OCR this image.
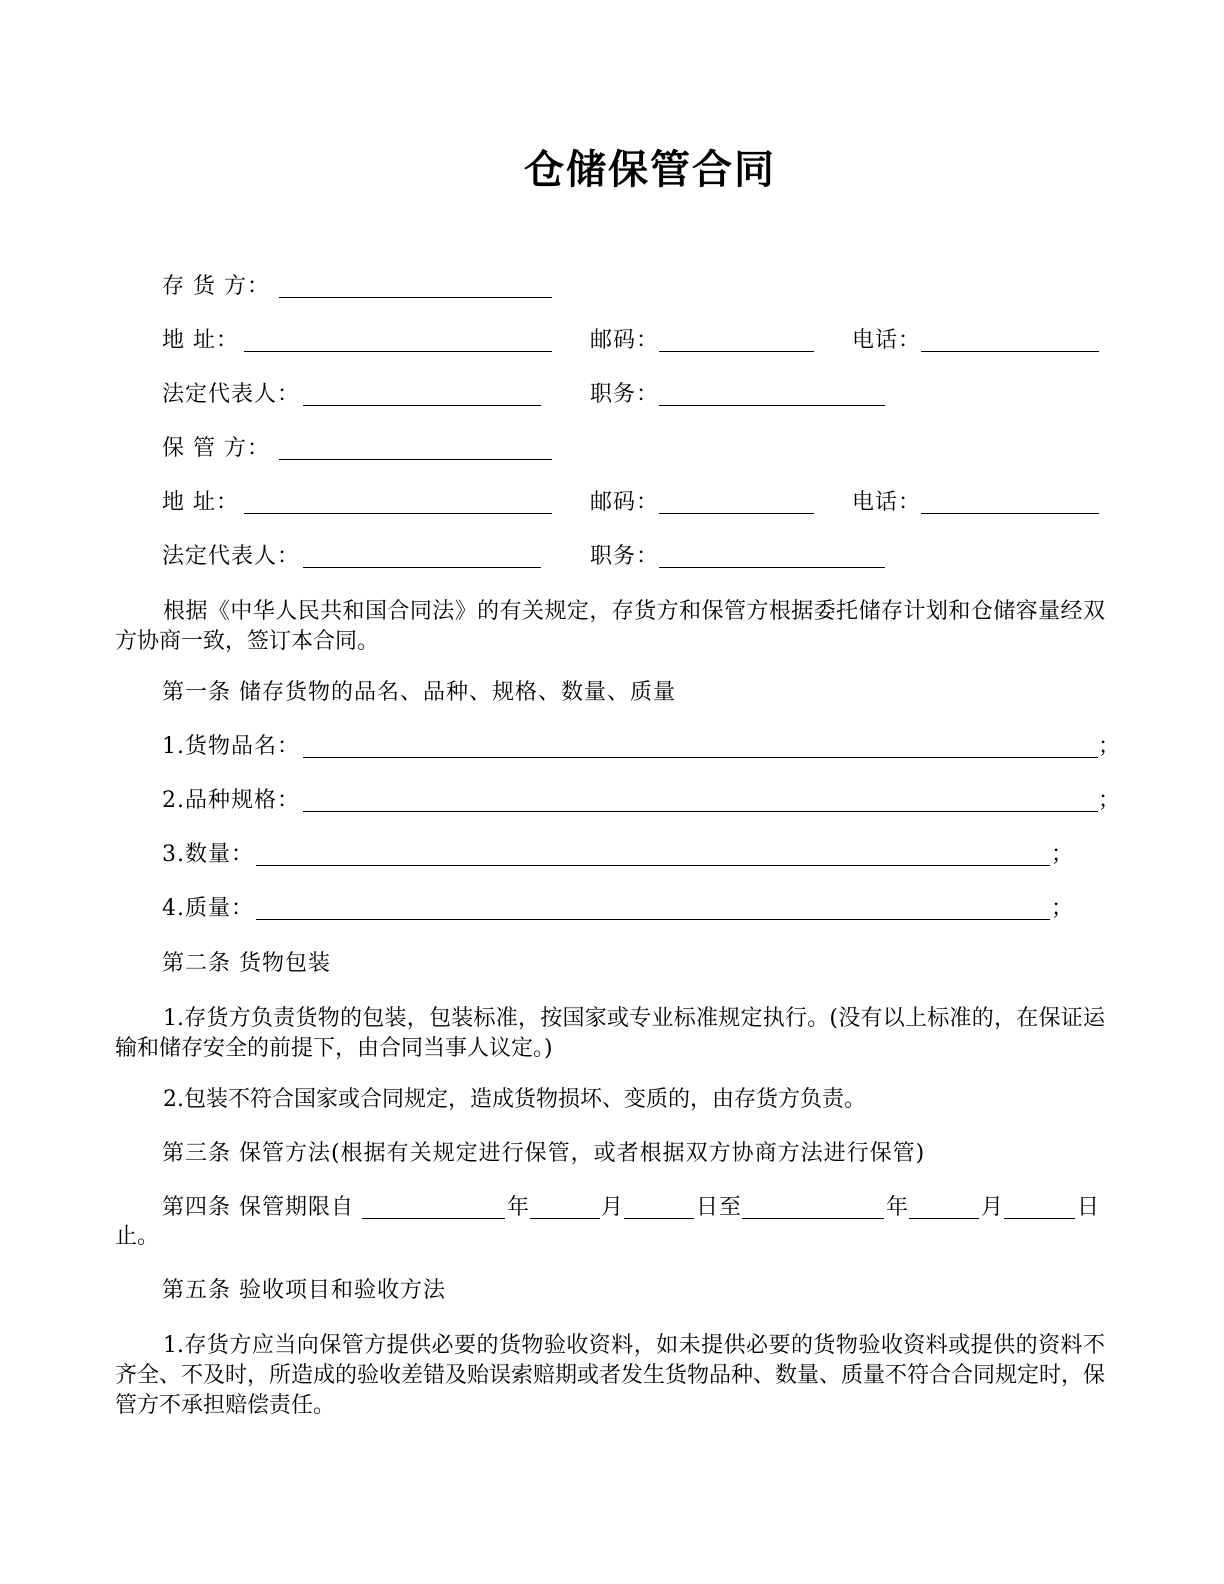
仓储保管合同
存 货 方：
地 址：	邮码：	电话：
法定代表人：	职务：
保 管 方：
地 址：	邮码：	电话：
法定代表人：	职务：
根据《中华人民共和国合同法》的有关规定，存货方和保管方根据委托储存计划和仓储容量经双方协商一致，签订本合同。
第一条 储存货物的品名、品种、规格、数量、质量
1.货物品名：	；
2.品种规格：	；
3.数量：	；
4.质量：	；
第二条 货物包装
1.存货方负责货物的包装，包装标准，按国家或专业标准规定执行。(没有以上标准的，在保证运输和储存安全的前提下，由合同当事人议定。)
2.包装不符合国家或合同规定，造成货物损坏、变质的，由存货方负责。
第三条 保管方法(根据有关规定进行保管，或者根据双方协商方法进行保管)
第四条 保管期限自	年	月	日至	年	月	日
止。
第五条 验收项目和验收方法
1.存货方应当向保管方提供必要的货物验收资料，如未提供必要的货物验收资料或提供的资料不齐全、不及时，所造成的验收差错及贻误索赔期或者发生货物品种、数量、质量不符合合同规定时，保管方不承担赔偿责任。
